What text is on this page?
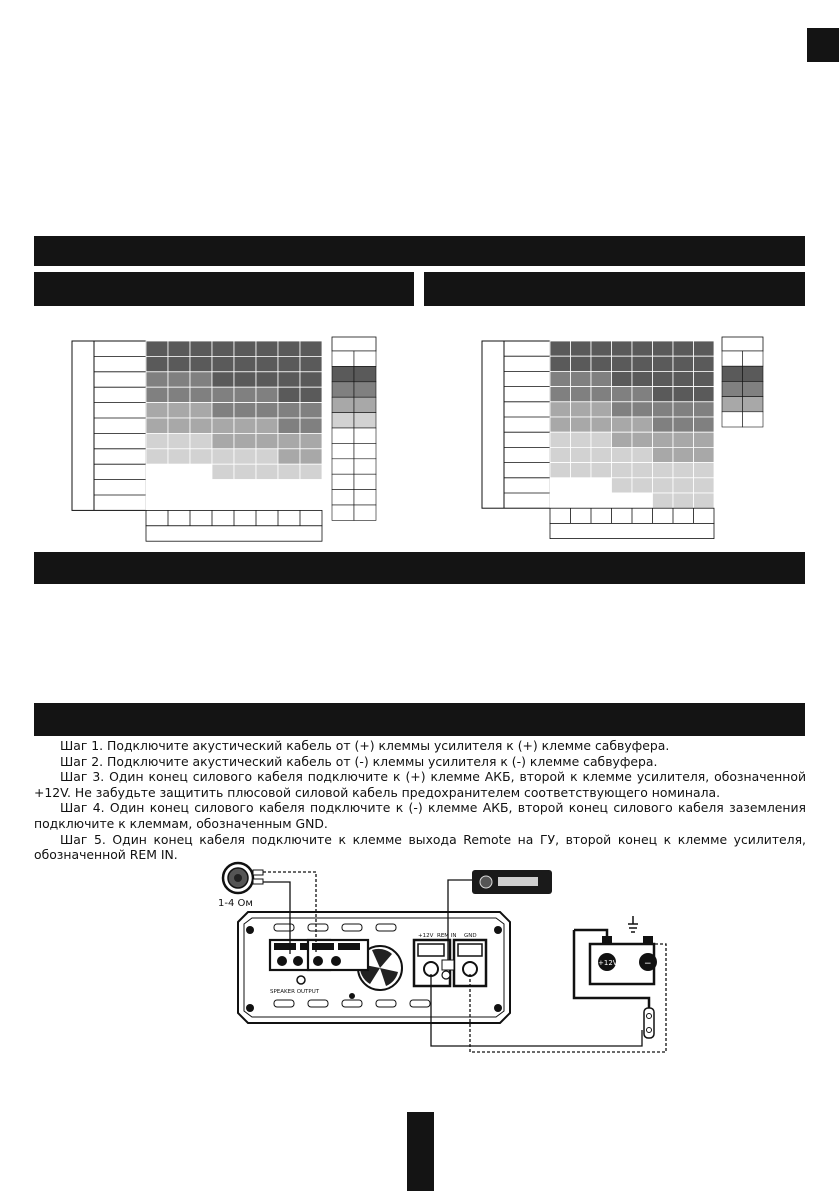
Шаг 1. Подключите акустический кабель от (+) клеммы усилителя к (+) клемме сабвуфера.

Шаг 2. Подключите акустический кабель от (-) клеммы усилителя к (-) клемме сабвуфера.

Шаг 3. Один конец силового кабеля подключите к (+) клемме АКБ, второй к клемме усилителя, обозначенной +12V. Не забудьте защитить плюсовой силовой кабель предохранителем соответствующего номинала.

Шаг 4. Один конец силового кабеля подключите к (-) клемме АКБ, второй конец силового кабеля заземления подключите к клеммам, обозначенным GND.

Шаг 5. Один конец кабеля подключите к клемме выхода Remote на ГУ, второй конец к клемме усилителя, обозначенной REM IN.

1-4 Ом
+12V REM IN GND
SPEAKER OUTPUT
+12V	−
